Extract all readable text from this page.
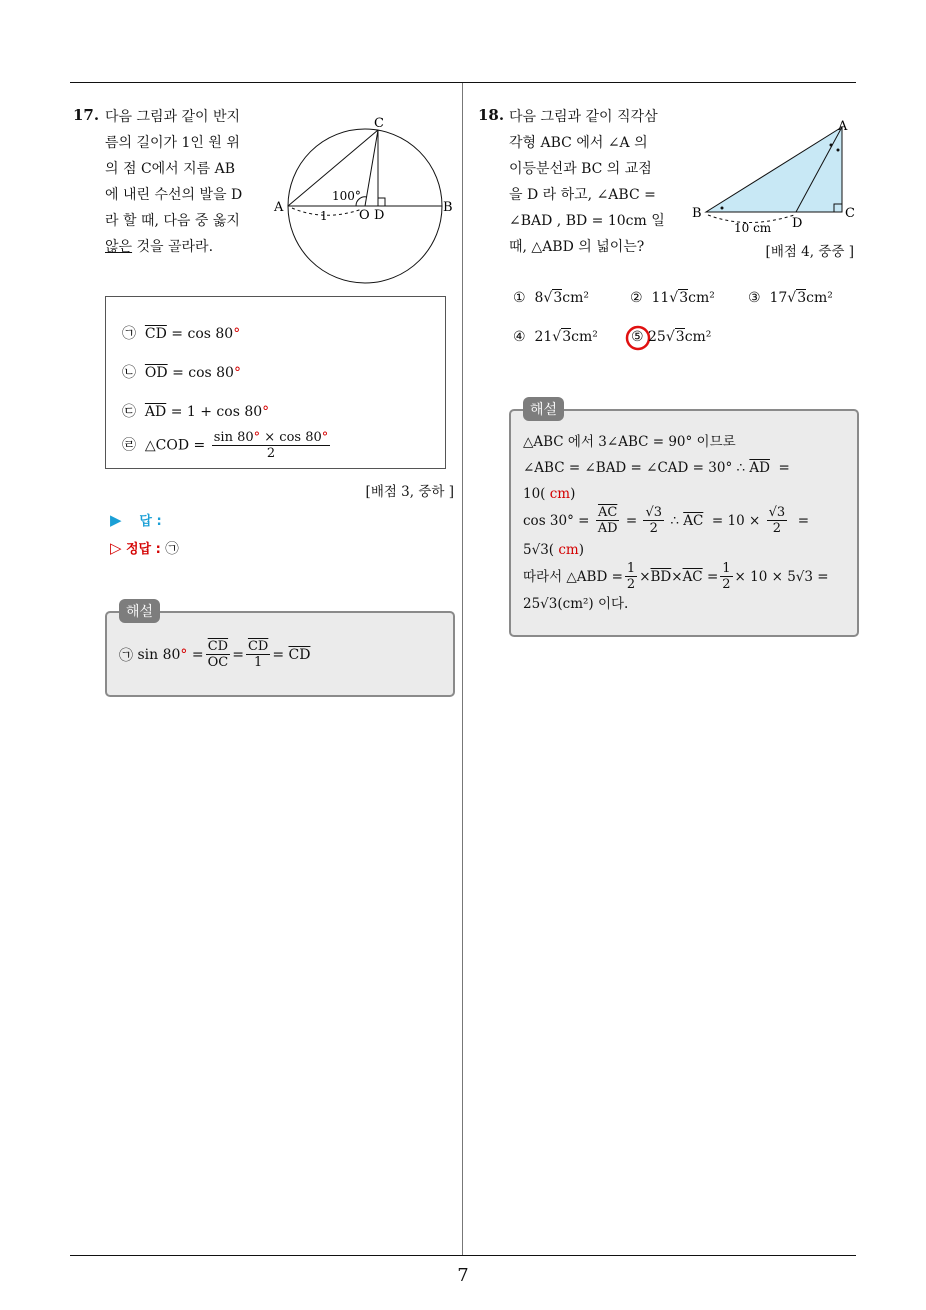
7
17. 다음 그림과 같이 반지
름의 길이가 1인 원 위
의 점 C에서 지름 AB
에 내린 수선의 발을 D
라 할 때, 다음 중 옳지
않은 것을 골라라.
C
A	B
O D
100°
1
㉠ $\overline{CD} = \cos 80^\circ$
㉡ $\overline{OD} = \cos 80^\circ$
㉢ $\overline{AD} = 1 + \cos 80^\circ$
㉣ △COD = $\frac{\sin 80^\circ \times \cos 80^\circ}{2}$
[배점 3, 중하 ]
▶ 답 :
▷ 정답 : ㉠
㉠
sin 80 ° = $\frac{\overline{CD}}{OC} = \frac{\overline{CD}}{1} = \overline{CD}$
해설
18. 다음 그림과 같이 직각삼
각형 ABC 에서 ∠A 의
이등분선과 BC 의 교점
을 D 라 하고, ∠ABC =
∠BAD , BD = 10cm 일
때, △ABD 의 넓이는?
A
B	C
D
10 cm
[배점 4, 중중 ]
① 8√3cm²	② 11√3cm² ③ 17√3cm²
④ 21√3cm² ⑤ 25√3cm²
△ABC 에서 3∠ABC = 90° 이므로
∠ABC = ∠BAD = ∠CAD = 30° ∴ $\overline{AD}$  =
10( cm)
cos 30° =
$\frac{\overline{AC}}{AD} = \frac{√3}{2}$
∴
$\overline{AC}$
= 10 ×
$\frac{√3}{2}$ =
5√3( cm)
따라서 △ABD = $\frac{1}{2} \times \overline{BD} \times \overline{AC}$
= $\frac{1}{2} \times 10 \times 5√3$ =
25√3(cm²) 이다.
해설
